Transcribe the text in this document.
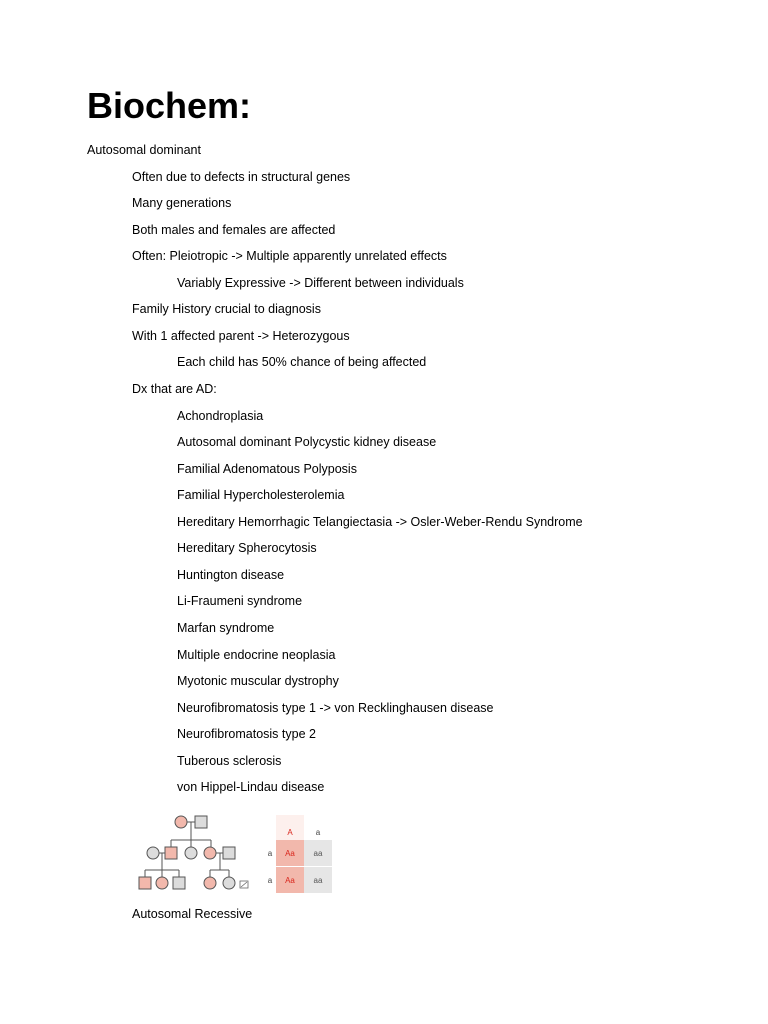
Biochem:
Autosomal dominant
Often due to defects in structural genes
Many generations
Both males and females are affected
Often: Pleiotropic -> Multiple apparently unrelated effects
Variably Expressive -> Different between individuals
Family History crucial to diagnosis
With 1 affected parent -> Heterozygous
Each child has 50% chance of being affected
Dx that are AD:
Achondroplasia
Autosomal dominant Polycystic kidney disease
Familial Adenomatous Polyposis
Familial Hypercholesterolemia
Hereditary Hemorrhagic Telangiectasia -> Osler-Weber-Rendu Syndrome
Hereditary Spherocytosis
Huntington disease
Li-Fraumeni syndrome
Marfan syndrome
Multiple endocrine neoplasia
Myotonic muscular dystrophy
Neurofibromatosis type 1 -> von Recklinghausen disease
Neurofibromatosis type 2
Tuberous sclerosis
von Hippel-Lindau disease
A	a
a
a
Aa aa
Aa aa
Autosomal Recessive
